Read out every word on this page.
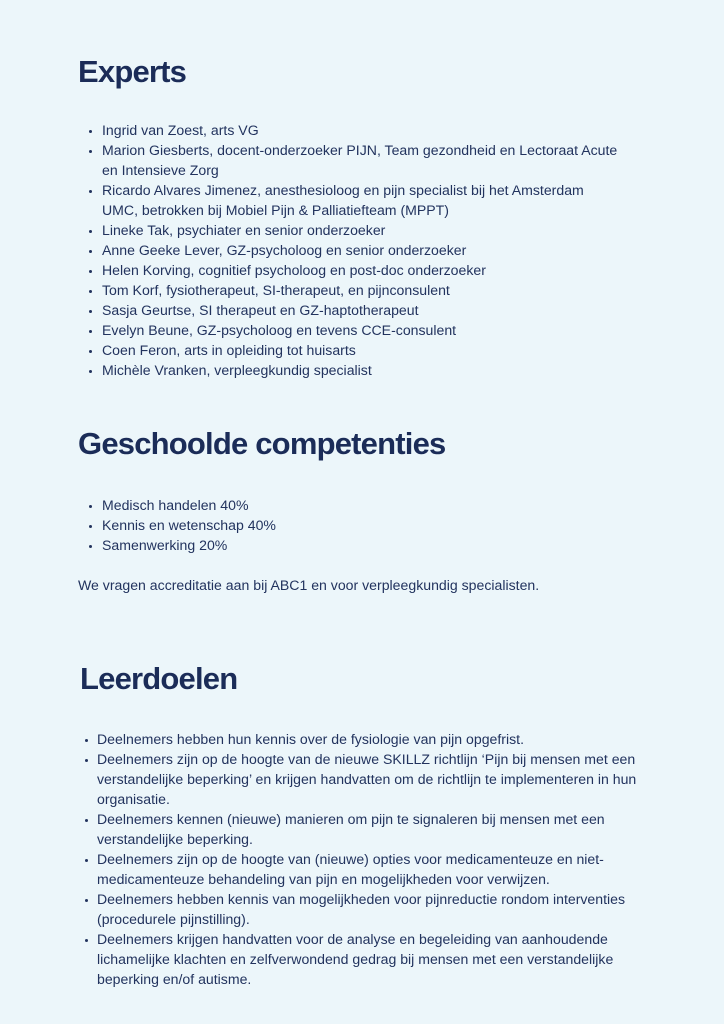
Experts
Ingrid van Zoest, arts VG
Marion Giesberts, docent-onderzoeker PIJN, Team gezondheid en Lectoraat Acute en Intensieve Zorg
Ricardo Alvares Jimenez, anesthesioloog en pijn specialist bij het Amsterdam UMC, betrokken bij Mobiel Pijn & Palliatiefteam (MPPT)
Lineke Tak, psychiater en senior onderzoeker
Anne Geeke Lever, GZ-psycholoog en senior onderzoeker
Helen Korving, cognitief psycholoog en post-doc onderzoeker
Tom Korf, fysiotherapeut, SI-therapeut, en pijnconsulent
Sasja Geurtse, SI therapeut en GZ-haptotherapeut
Evelyn Beune, GZ-psycholoog en tevens CCE-consulent
Coen Feron, arts in opleiding tot huisarts
Michèle Vranken, verpleegkundig specialist
Geschoolde competenties
Medisch handelen 40%
Kennis en wetenschap 40%
Samenwerking 20%

We vragen accreditatie aan bij ABC1 en voor verpleegkundig specialisten.

Leerdoelen
Deelnemers hebben hun kennis over de fysiologie van pijn opgefrist.
Deelnemers zijn op de hoogte van de nieuwe SKILLZ richtlijn ‘Pijn bij mensen met een verstandelijke beperking’ en krijgen handvatten om de richtlijn te implementeren in hun organisatie.
Deelnemers kennen (nieuwe) manieren om pijn te signaleren bij mensen met een verstandelijke beperking.
Deelnemers zijn op de hoogte van (nieuwe) opties voor medicamenteuze en niet-medicamenteuze behandeling van pijn en mogelijkheden voor verwijzen.
Deelnemers hebben kennis van mogelijkheden voor pijnreductie rondom interventies (procedurele pijnstilling).
Deelnemers krijgen handvatten voor de analyse en begeleiding van aanhoudende lichamelijke klachten en zelfverwondend gedrag bij mensen met een verstandelijke beperking en/of autisme.
